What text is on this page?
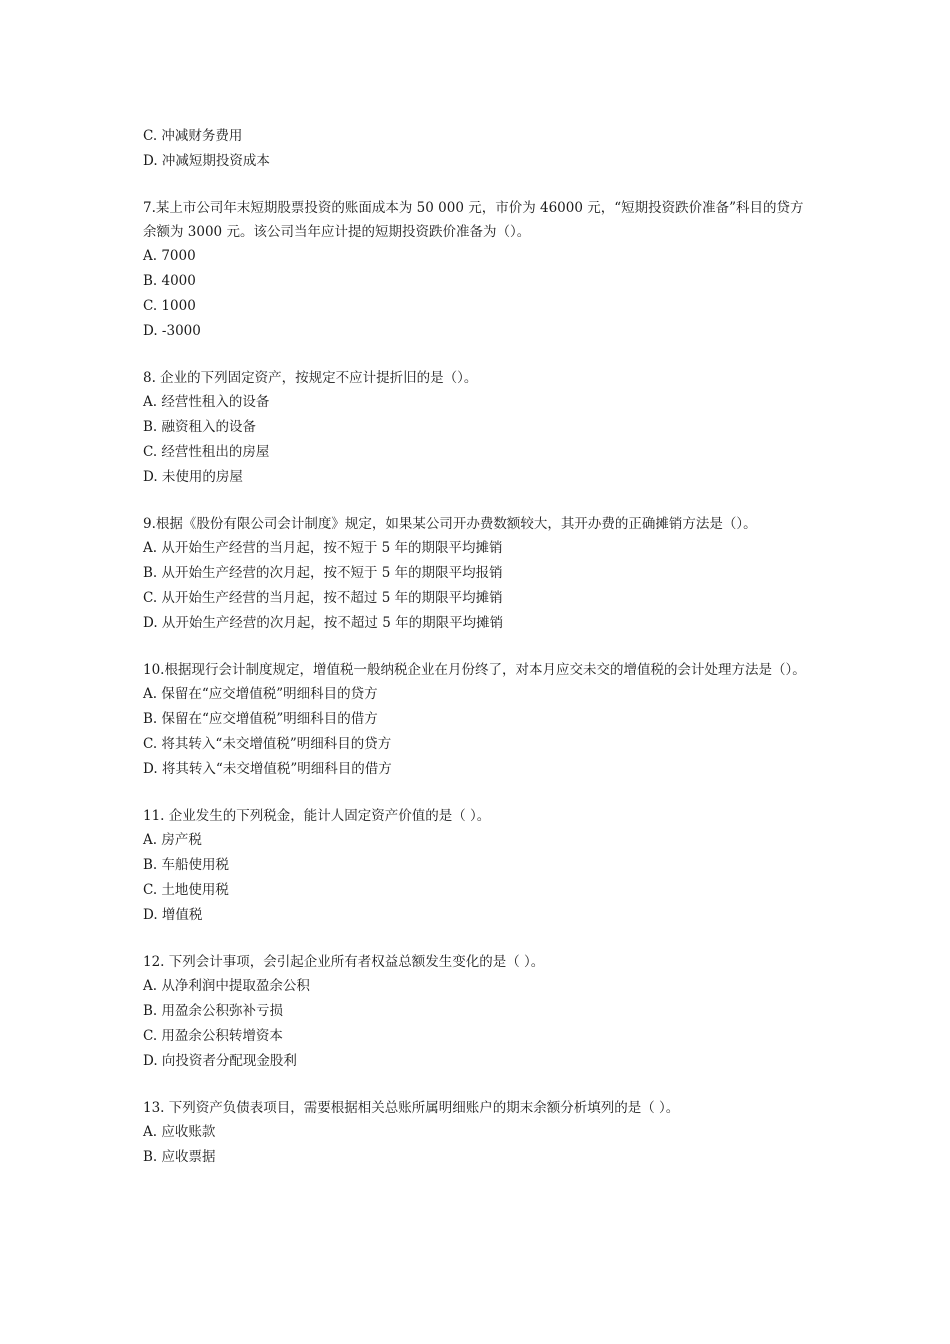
C. 冲减财务费用
D. 冲减短期投资成本
7.某上市公司年末短期股票投资的账面成本为 50 000 元，市价为 46000 元，“短期投资跌价准备”科目的贷方余额为 3000 元。该公司当年应计提的短期投资跌价准备为（）。
A. 7000
B. 4000
C. 1000
D. -3000
8. 企业的下列固定资产，按规定不应计提折旧的是（）。
A. 经营性租入的设备
B. 融资租入的设备
C. 经营性租出的房屋
D. 未使用的房屋
9.根据《股份有限公司会计制度》规定，如果某公司开办费数额较大，其开办费的正确摊销方法是（）。
A. 从开始生产经营的当月起，按不短于 5 年的期限平均摊销
B. 从开始生产经营的次月起，按不短于 5 年的期限平均报销
C. 从开始生产经营的当月起，按不超过 5 年的期限平均摊销
D. 从开始生产经营的次月起，按不超过 5 年的期限平均摊销
10.根据现行会计制度规定，增值税一般纳税企业在月份终了，对本月应交未交的增值税的会计处理方法是（）。
A. 保留在“应交增值税”明细科目的贷方
B. 保留在“应交增值税”明细科目的借方
C. 将其转入“未交增值税”明细科目的贷方
D. 将其转入“未交增值税”明细科目的借方
11. 企业发生的下列税金，能计人固定资产价值的是（ ）。
A. 房产税
B. 车船使用税
C. 土地使用税
D. 增值税
12. 下列会计事项，会引起企业所有者权益总额发生变化的是（ ）。
A. 从净利润中提取盈余公积
B. 用盈余公积弥补亏损
C. 用盈余公积转增资本
D. 向投资者分配现金股利
13. 下列资产负债表项目，需要根据相关总账所属明细账户的期末余额分析填列的是（ ）。
A. 应收账款
B. 应收票据
